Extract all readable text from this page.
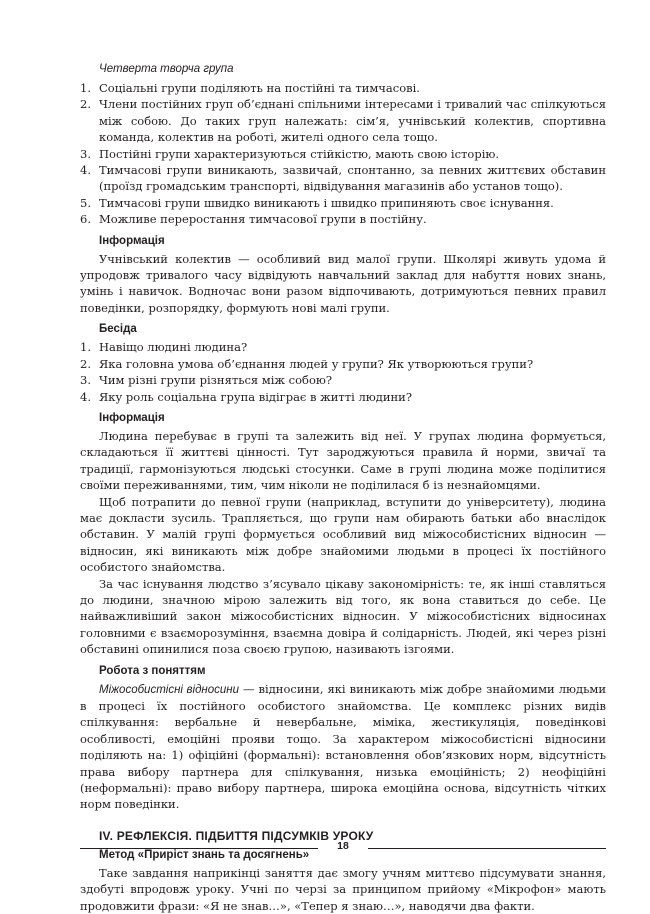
Четверта творча група
1. Соціальні групи поділяють на постійні та тимчасові.
2. Члени постійних груп об’єднані спільними інтересами і тривалий час спілкуються між собою. До таких груп належать: сім’я, учнівський колектив, спортивна команда, колектив на роботі, жителі одного села тощо.
3. Постійні групи характеризуються стійкістю, мають свою історію.
4. Тимчасові групи виникають, зазвичай, спонтанно, за певних життєвих обставин (проїзд громадським транспорті, відвідування магазинів або установ тощо).
5. Тимчасові групи швидко виникають і швидко припиняють своє існування.
6. Можливе переростання тимчасової групи в постійну.
Інформація

Учнівський колектив — особливий вид малої групи. Школярі живуть удома й упродовж тривалого часу відвідують навчальний заклад для набуття нових знань, умінь і навичок. Водночас вони разом відпочивають, дотримуються певних правил поведінки, розпорядку, формують нові малі групи.

Бесіда
1. Навіщо людині людина?
2. Яка головна умова об’єднання людей у групи? Як утворюються групи?
3. Чим різні групи різняться між собою?
4. Яку роль соціальна група відіграє в житті людини?
Інформація

Людина перебуває в групі та залежить від неї. У групах людина формується, складаються її життєві цінності. Тут зароджуються правила й норми, звичаї та традиції, гармонізуються людські стосунки. Саме в групі людина може поділитися своїми переживаннями, тим, чим ніколи не поділилася б із незнайомцями.

Щоб потрапити до певної групи (наприклад, вступити до університету), людина має докласти зусиль. Трапляється, що групи нам обирають батьки або внаслідок обставин. У малій групі формується особливий вид міжособистісних відносин — відносин, які виникають між добре знайомими людьми в процесі їх постійного особистого знайомства.

За час існування людство з’ясувало цікаву закономірність: те, як інші ставляться до людини, значною мірою залежить від того, як вона ставиться до себе. Це найважливіший закон міжособистісних відносин. У міжособистісних відносинах головними є взаєморозуміння, взаємна довіра й солідарність. Людей, які через різні обставині опинилися поза своєю групою, називають ізгоями.

Робота з поняттям

Міжособистісні відносини — відносини, які виникають між добре знайомими людьми в процесі їх постійного особистого знайомства. Це комплекс різних видів спілкування: вербальне й невербальне, міміка, жестикуляція, поведінкові особливості, емоційні прояви тощо. За характером міжособистісні відносини поділяють на: 1) офіційні (формальні): встановлення обов’язкових норм, відсутність права вибору партнера для спілкування, низька емоційність; 2) неофіційні (неформальні): право вибору партнера, широка емоційна основа, відсутність чітких норм поведінки.

IV. РЕФЛЕКСІЯ. ПІДБИТТЯ ПІДСУМКІВ УРОКУ
Метод «Приріст знань та досягнень»

Таке завдання наприкінці заняття дає змогу учням миттєво підсумувати знання, здобуті впродовж уроку. Учні по черзі за принципом прийому «Мікрофон» мають продовжити фрази: «Я не знав…», «Тепер я знаю…», наводячи два факти.

18
